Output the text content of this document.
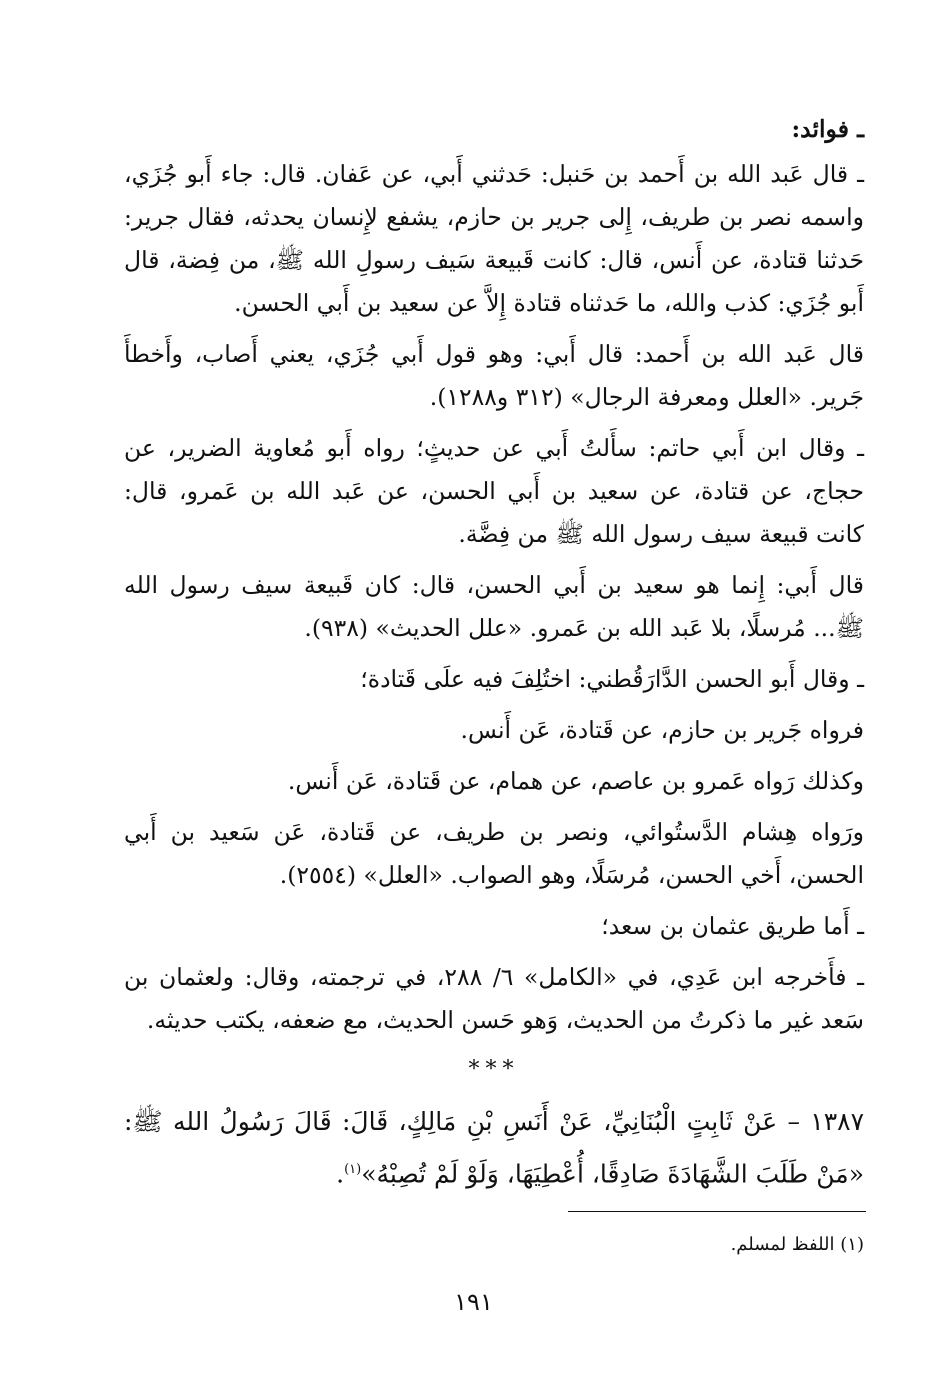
ـ فوائد:

ـ قال عَبد الله بن أَحمد بن حَنبل: حَدثني أَبي، عن عَفان. قال: جاء أَبو جُزَي، واسمه نصر بن طريف، إِلى جرير بن حازم، يشفع لإِنسان يحدثه، فقال جرير: حَدثنا قتادة، عن أَنس، قال: كانت قَبيعة سَيف رسولِ الله ﷺ، من فِضة، قال أَبو جُزَي: كذب والله، ما حَدثناه قتادة إِلاَّ عن سعيد بن أَبي الحسن.

قال عَبد الله بن أَحمد: قال أَبي: وهو قول أَبي جُزَي، يعني أَصاب، وأَخطأَ جَرير. «العلل ومعرفة الرجال» (٣١٢ و١٢٨٨).

ـ وقال ابن أَبي حاتم: سأَلتُ أَبي عن حديثٍ؛ رواه أَبو مُعاوية الضرير، عن حجاج، عن قتادة، عن سعيد بن أَبي الحسن، عن عَبد الله بن عَمرو، قال: كانت قبيعة سيف رسول الله ﷺ من فِضَّة.

قال أَبي: إِنما هو سعيد بن أَبي الحسن، قال: كان قَبيعة سيف رسول الله ﷺ... مُرسلًا، بلا عَبد الله بن عَمرو. «علل الحديث» (٩٣٨).

ـ وقال أَبو الحسن الدَّارَقُطني: اختُلِفَ فيه علَى قَتادة؛

فرواه جَرير بن حازم، عن قَتادة، عَن أَنس.

وكذلك رَواه عَمرو بن عاصم، عن همام، عن قَتادة، عَن أَنس.

ورَواه هِشام الدَّستُوائي، ونصر بن طريف، عن قَتادة، عَن سَعيد بن أَبي الحسن، أَخي الحسن، مُرسَلًا، وهو الصواب. «العلل» (٢٥٥٤).

ـ أَما طريق عثمان بن سعد؛

ـ فأَخرجه ابن عَدِي، في «الكامل» ٦/ ٢٨٨، في ترجمته، وقال: ولعثمان بن سَعد غير ما ذكرتُ من الحديث، وَهو حَسن الحديث، مع ضعفه، يكتب حديثه.

***

١٣٨٧ – عَنْ ثَابِتٍ الْبُنَانِيِّ، عَنْ أَنَسِ بْنِ مَالِكٍ، قَالَ: قَالَ رَسُولُ الله ﷺ: «مَنْ طَلَبَ الشَّهَادَةَ صَادِقًا، أُعْطِيَهَا، وَلَوْ لَمْ تُصِبْهُ»$^{(١)}$.

(١) اللفظ لمسلم.
١٩١
